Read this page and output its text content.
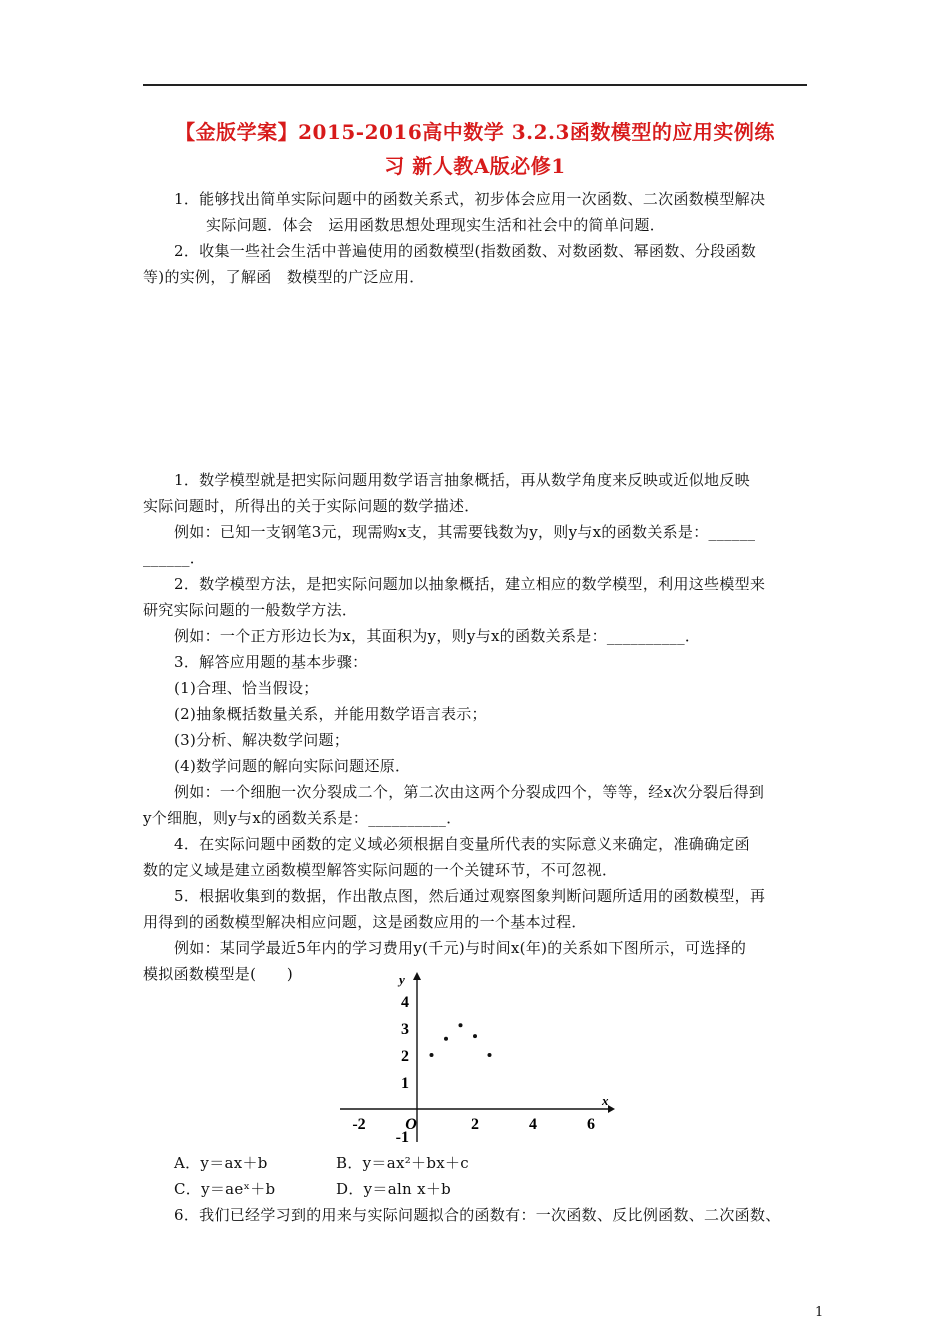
【金版学案】2015-2016高中数学 3.2.3函数模型的应用实例练
习 新人教A版必修1
1．能够找出简单实际问题中的函数关系式，初步体会应用一次函数、二次函数模型解决
实际问题．体会　运用函数思想处理现实生活和社会中的简单问题．
2．收集一些社会生活中普遍使用的函数模型(指数函数、对数函数、幂函数、分段函数
等)的实例，了解函　数模型的广泛应用．
1．数学模型就是把实际问题用数学语言抽象概括，再从数学角度来反映或近似地反映
实际问题时，所得出的关于实际问题的数学描述．
例如：已知一支钢笔3元，现需购x支，其需要钱数为y，则y与x的函数关系是：______
______．
2．数学模型方法，是把实际问题加以抽象概括，建立相应的数学模型，利用这些模型来
研究实际问题的一般数学方法．
例如：一个正方形边长为x，其面积为y，则y与x的函数关系是：__________．
3．解答应用题的基本步骤：
(1)合理、恰当假设；
(2)抽象概括数量关系，并能用数学语言表示；
(3)分析、解决数学问题；
(4)数学问题的解向实际问题还原．
例如：一个细胞一次分裂成二个，第二次由这两个分裂成四个，等等，经x次分裂后得到
y个细胞，则y与x的函数关系是：__________．
4．在实际问题中函数的定义域必须根据自变量所代表的实际意义来确定，准确确定函
数的定义域是建立函数模型解答实际问题的一个关键环节，不可忽视．
5．根据收集到的数据，作出散点图，然后通过观察图象判断问题所适用的函数模型，再
用得到的函数模型解决相应问题，这是函数应用的一个基本过程．
例如：某同学最近5年内的学习费用y(千元)与时间x(年)的关系如下图所示，可选择的
模拟函数模型是(　　)
-2 O	2	4	6
4
3
2
1
-1
x
y
A．y＝ax＋b	B．y＝ax²＋bx＋c
C．y＝aeˣ＋b	D．y＝aln x＋b
6．我们已经学习到的用来与实际问题拟合的函数有：一次函数、反比例函数、二次函数、
1
